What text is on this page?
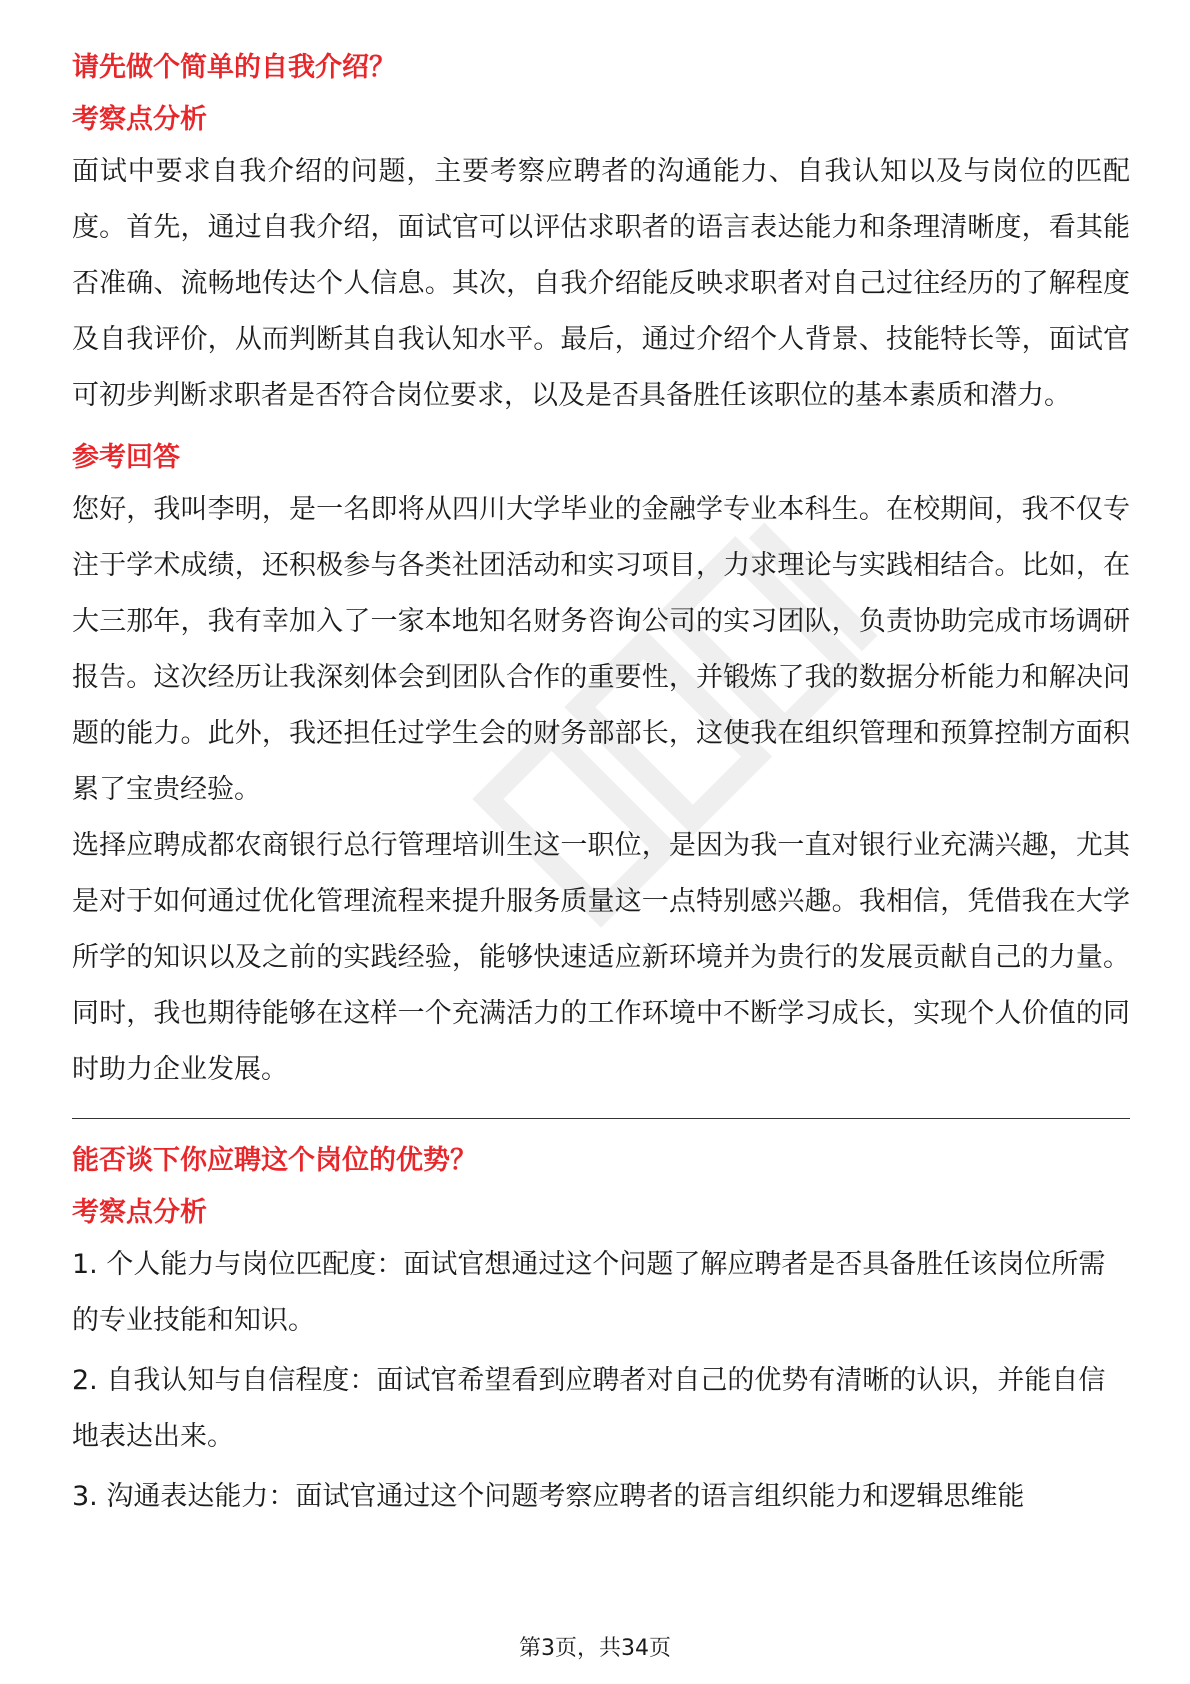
请先做个简单的自我介绍？
考察点分析

面试中要求自我介绍的问题，主要考察应聘者的沟通能力、自我认知以及与岗位的匹配度。首先，通过自我介绍，面试官可以评估求职者的语言表达能力和条理清晰度，看其能否准确、流畅地传达个人信息。其次，自我介绍能反映求职者对自己过往经历的了解程度及自我评价，从而判断其自我认知水平。最后，通过介绍个人背景、技能特长等，面试官可初步判断求职者是否符合岗位要求，以及是否具备胜任该职位的基本素质和潜力。

参考回答

您好，我叫李明，是一名即将从四川大学毕业的金融学专业本科生。在校期间，我不仅专注于学术成绩，还积极参与各类社团活动和实习项目，力求理论与实践相结合。比如，在大三那年，我有幸加入了一家本地知名财务咨询公司的实习团队，负责协助完成市场调研报告。这次经历让我深刻体会到团队合作的重要性，并锻炼了我的数据分析能力和解决问题的能力。此外，我还担任过学生会的财务部部长，这使我在组织管理和预算控制方面积累了宝贵经验。

选择应聘成都农商银行总行管理培训生这一职位，是因为我一直对银行业充满兴趣，尤其是对于如何通过优化管理流程来提升服务质量这一点特别感兴趣。我相信，凭借我在大学所学的知识以及之前的实践经验，能够快速适应新环境并为贵行的发展贡献自己的力量。同时，我也期待能够在这样一个充满活力的工作环境中不断学习成长，实现个人价值的同时助力企业发展。

能否谈下你应聘这个岗位的优势？
考察点分析

1. 个人能力与岗位匹配度：面试官想通过这个问题了解应聘者是否具备胜任该岗位所需的专业技能和知识。

2. 自我认知与自信程度：面试官希望看到应聘者对自己的优势有清晰的认识，并能自信地表达出来。

3. 沟通表达能力：面试官通过这个问题考察应聘者的语言组织能力和逻辑思维能

第3页，共34页
